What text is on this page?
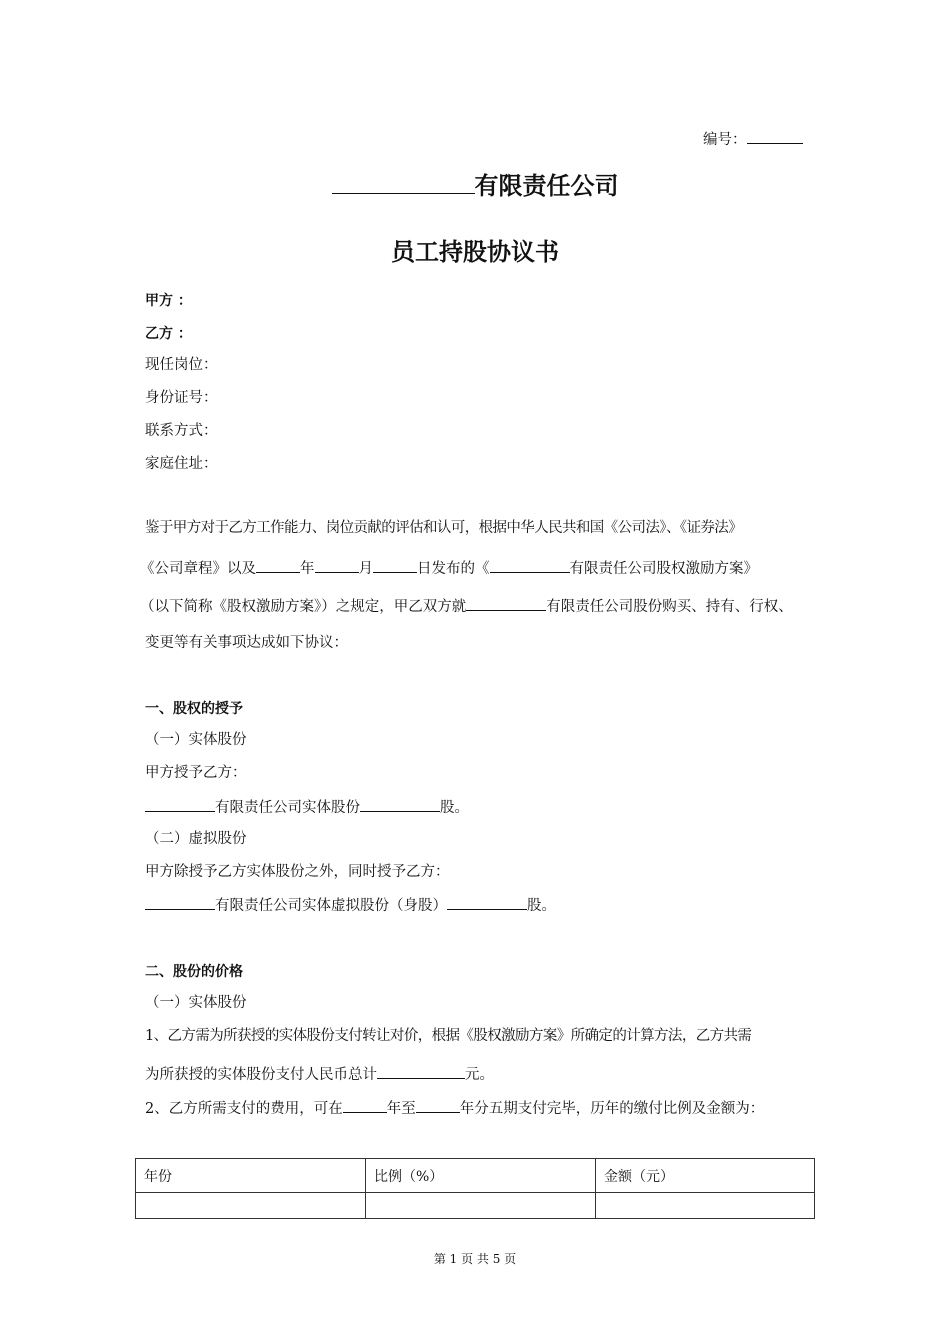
编号：
有限责任公司
员工持股协议书
甲方 ：
乙方 ：
现任岗位：
身份证号：
联系方式：
家庭住址：
鉴于甲方对于乙方工作能力、岗位贡献的评估和认可，根据中华人民共和国《公司法》、《证券法》
《公司章程》以及	年	月	日发布的《	有限责任公司股权激励方案》
（以下简称《股权激励方案》）之规定，甲乙双方就	有限责任公司股份购买、持有、行权、
变更等有关事项达成如下协议：
一、股权的授予
（一）实体股份
甲方授予乙方：
有限责任公司实体股份	股。
（二）虚拟股份
甲方除授予乙方实体股份之外，同时授予乙方：
有限责任公司实体虚拟股份（身股）	股。
二、股份的价格
（一）实体股份
1、乙方需为所获授的实体股份支付转让对价，根据《股权激励方案》所确定的计算方法，乙方共需
为所获授的实体股份支付人民币总计	元。
2、乙方所需支付的费用，可在	年至	年分五期支付完毕，历年的缴付比例及金额为：
年份	比例（%）	金额（元）

第 1 页 共 5 页
